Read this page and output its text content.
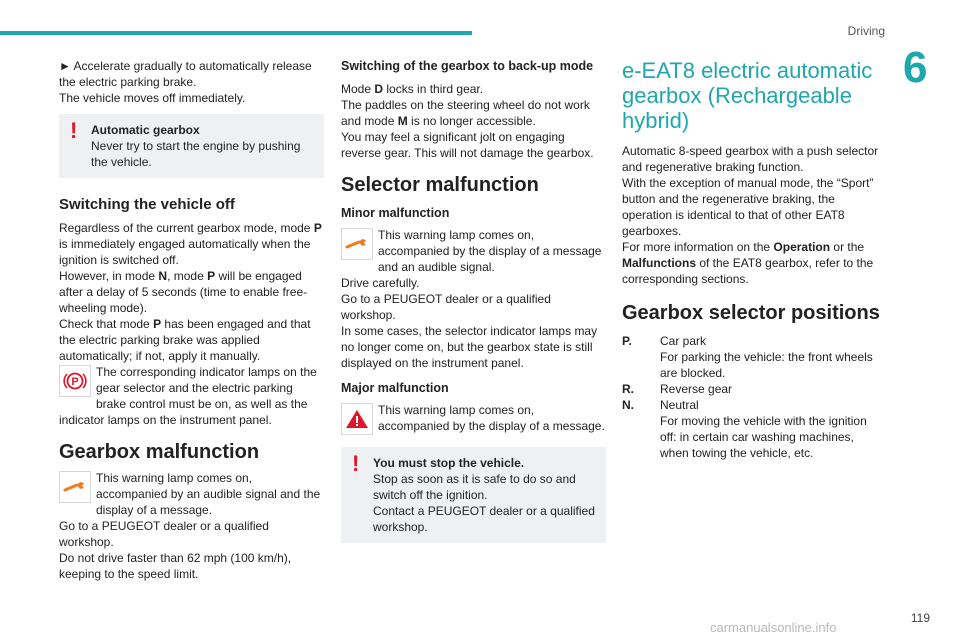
Driving
6

► Accelerate gradually to automatically release the electric parking brake.

The vehicle moves off immediately.

! Automatic gearbox

Never try to start the engine by pushing the vehicle.

Switching the vehicle off

Regardless of the current gearbox mode, mode P is immediately engaged automatically when the ignition is switched off.

However, in mode N, mode P will be engaged after a delay of 5 seconds (time to enable free-wheeling mode).

Check that mode P has been engaged and that the electric parking brake was applied automatically; if not, apply it manually.

P

The corresponding indicator lamps on the gear selector and the electric parking brake control must be on, as well as the indicator lamps on the instrument panel.

Gearbox malfunction

This warning lamp comes on, accompanied by an audible signal and the display of a message.

Go to a PEUGEOT dealer or a qualified workshop.

Do not drive faster than 62 mph (100 km/h), keeping to the speed limit.

Switching of the gearbox to back-up mode

Mode D locks in third gear.

The paddles on the steering wheel do not work and mode M is no longer accessible.

You may feel a significant jolt on engaging reverse gear. This will not damage the gearbox.

Selector malfunction
Minor malfunction

This warning lamp comes on, accompanied by the display of a message and an audible signal.

Drive carefully.

Go to a PEUGEOT dealer or a qualified workshop.

In some cases, the selector indicator lamps may no longer come on, but the gearbox state is still displayed on the instrument panel.

Major malfunction

This warning lamp comes on, accompanied by the display of a message.

! You must stop the vehicle.

Stop as soon as it is safe to do so and switch off the ignition.

Contact a PEUGEOT dealer or a qualified workshop.

e-EAT8 electric automatic gearbox (Rechargeable hybrid)

Automatic 8-speed gearbox with a push selector and regenerative braking function.

With the exception of manual mode, the “Sport” button and the regenerative braking, the operation is identical to that of other EAT8 gearboxes.

For more information on the Operation or the Malfunctions of the EAT8 gearbox, refer to the corresponding sections.

Gearbox selector positions
P.	Car park

For parking the vehicle: the front wheels are blocked.

R.	Reverse gear

N.	Neutral

For moving the vehicle with the ignition off: in certain car washing machines, when towing the vehicle, etc.

119
carmanualsonline.info
